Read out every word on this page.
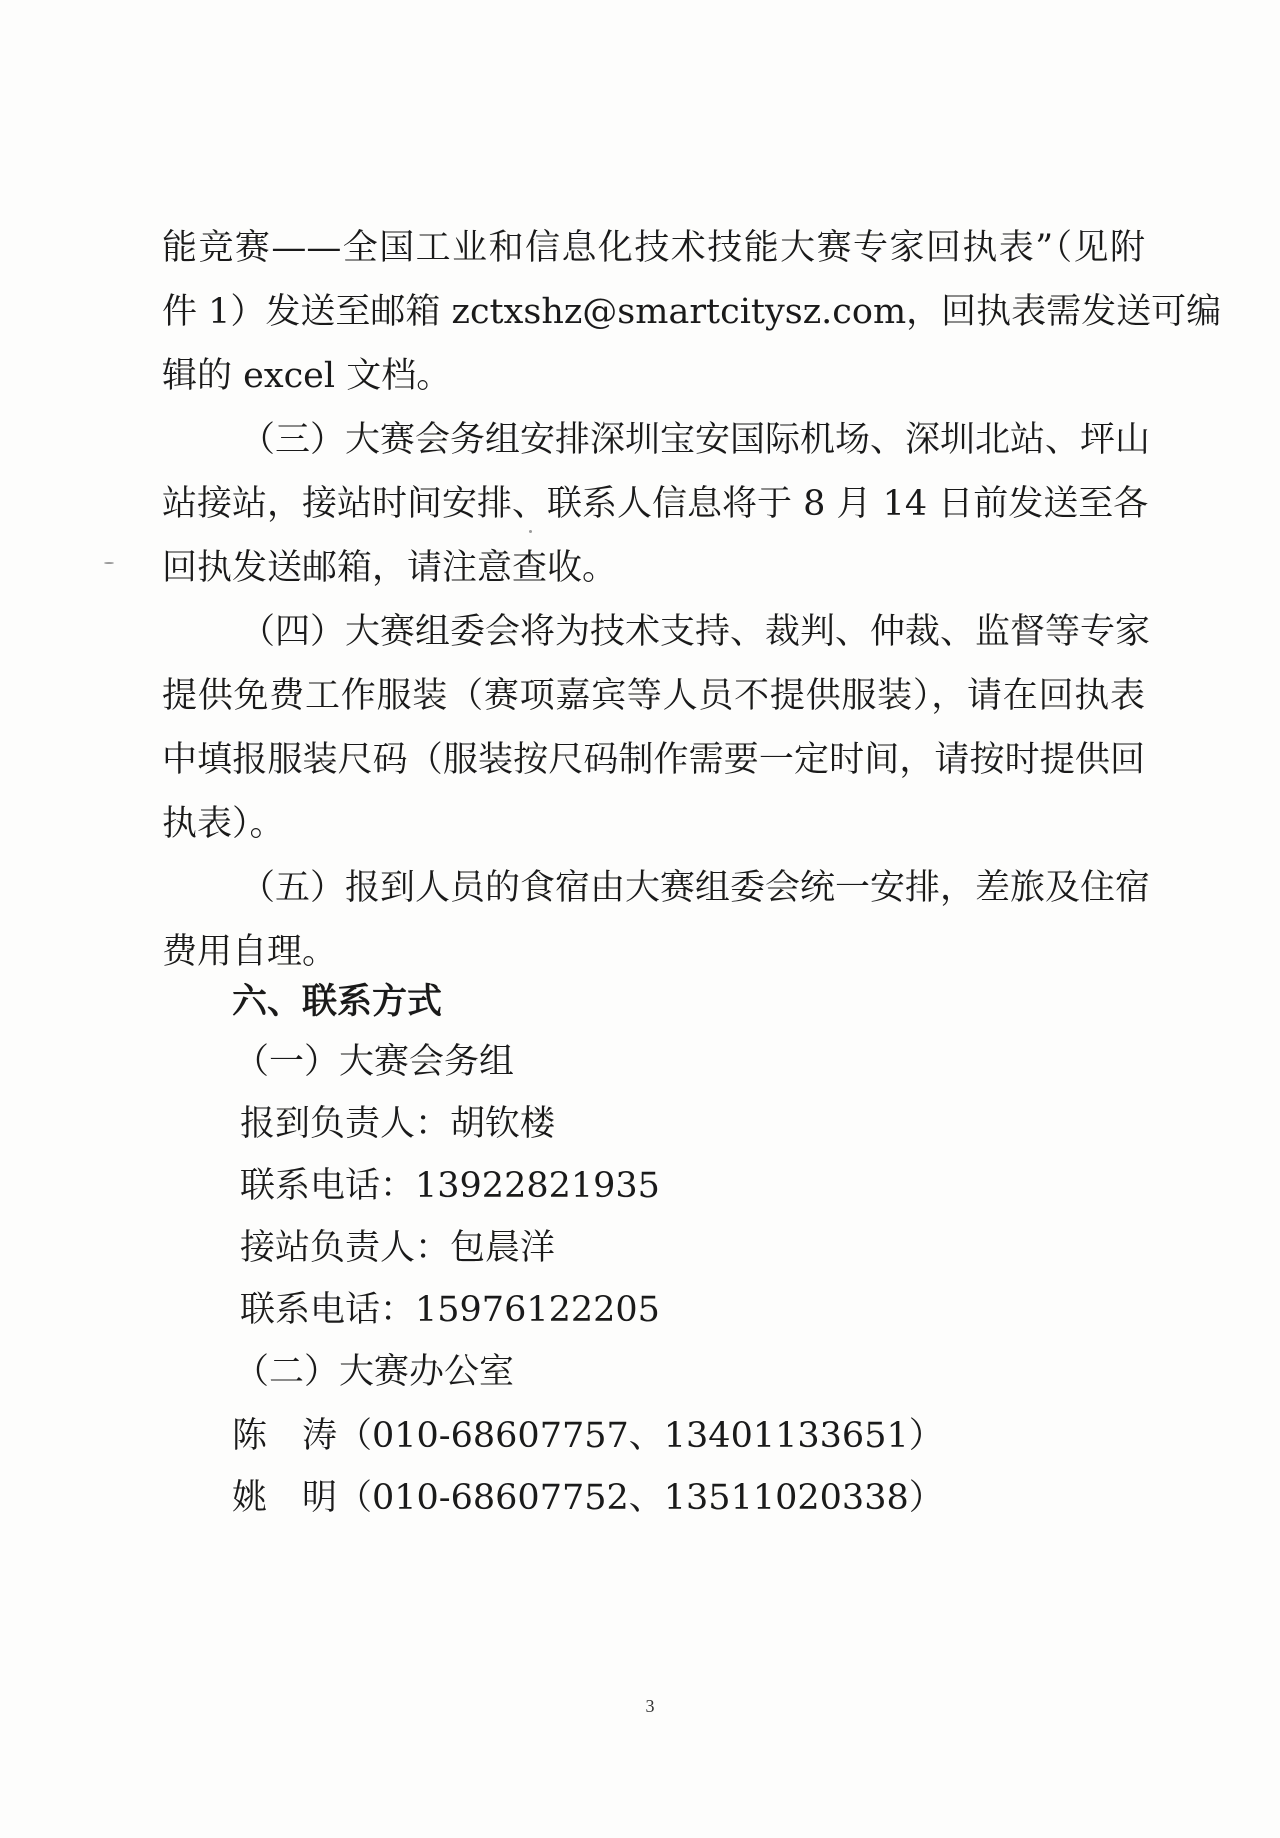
能竞赛——全国工业和信息化技术技能大赛专家回执表”（见附
件 1）发送至邮箱 zctxshz@smartcitysz.com，回执表需发送可编
辑的 excel 文档。
（三）大赛会务组安排深圳宝安国际机场、深圳北站、坪山
站接站，接站时间安排、联系人信息将于 8 月 14 日前发送至各
回执发送邮箱，请注意查收。
（四）大赛组委会将为技术支持、裁判、仲裁、监督等专家
提供免费工作服装（赛项嘉宾等人员不提供服装），请在回执表
中填报服装尺码（服装按尺码制作需要一定时间，请按时提供回
执表）。
（五）报到人员的食宿由大赛组委会统一安排，差旅及住宿
费用自理。
六、联系方式
（一）大赛会务组
报到负责人：胡钦楼
联系电话：13922821935
接站负责人：包晨洋
联系电话：15976122205
（二）大赛办公室
陈　涛（010-68607757、13401133651）
姚　明（010-68607752、13511020338）
3
